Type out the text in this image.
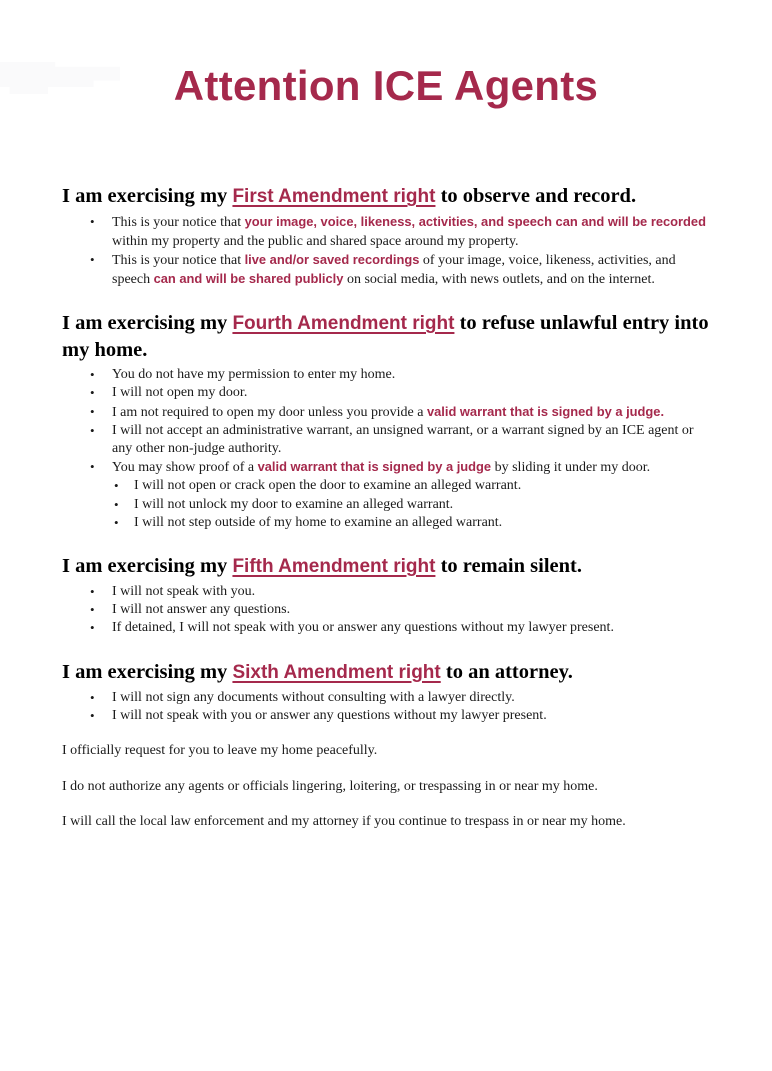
Attention ICE Agents
I am exercising my First Amendment right to observe and record.
• This is your notice that your image, voice, likeness, activities, and speech can and will be recorded within my property and the public and shared space around my property.
• This is your notice that live and/or saved recordings of your image, voice, likeness, activities, and speech can and will be shared publicly on social media, with news outlets, and on the internet.
I am exercising my Fourth Amendment right to refuse unlawful entry into my home.
• You do not have my permission to enter my home.
• I will not open my door.
• I am not required to open my door unless you provide a valid warrant that is signed by a judge.
• I will not accept an administrative warrant, an unsigned warrant, or a warrant signed by an ICE agent or any other non-judge authority.
• You may show proof of a valid warrant that is signed by a judge by sliding it under my door.
• I will not open or crack open the door to examine an alleged warrant.
• I will not unlock my door to examine an alleged warrant.
• I will not step outside of my home to examine an alleged warrant.
I am exercising my Fifth Amendment right to remain silent.
• I will not speak with you.
• I will not answer any questions.
• If detained, I will not speak with you or answer any questions without my lawyer present.
I am exercising my Sixth Amendment right to an attorney.
• I will not sign any documents without consulting with a lawyer directly.
• I will not speak with you or answer any questions without my lawyer present.

I officially request for you to leave my home peacefully.

I do not authorize any agents or officials lingering, loitering, or trespassing in or near my home.

I will call the local law enforcement and my attorney if you continue to trespass in or near my home.
